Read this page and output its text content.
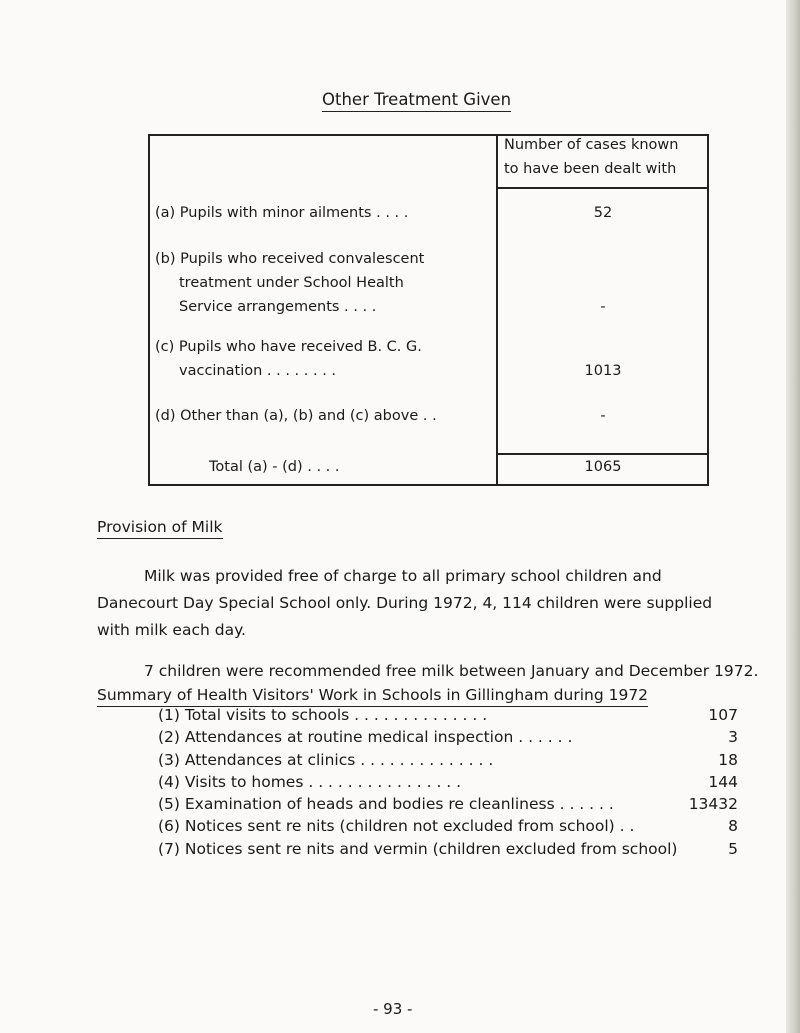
Other Treatment Given
Number of cases known
to have been dealt with
(a) Pupils with minor ailments . . . .	52
(b) Pupils who received convalescent
treatment under School Health
Service arrangements . . . .	-
(c) Pupils who have received B. C. G.
vaccination . . . . . . . .	1013
(d) Other than (a), (b) and (c) above . .	-
Total (a) - (d) . . . .	1065
Provision of Milk
Milk was provided free of charge to all primary school children and
Danecourt Day Special School only. During 1972, 4, 114 children were supplied
with milk each day.
7 children were recommended free milk between January and December 1972.
Summary of Health Visitors' Work in Schools in Gillingham during 1972
(1) Total visits to schools . . . . . . . . . . . . . .	107
(2) Attendances at routine medical inspection . . . . . .	3
(3) Attendances at clinics . . . . . . . . . . . . . .	18
(4) Visits to homes . . . . . . . . . . . . . . . .	144
(5) Examination of heads and bodies re cleanliness . . . . . .	13432
(6) Notices sent re nits (children not excluded from school) . .	8
(7) Notices sent re nits and vermin (children excluded from school)	5
- 93 -
